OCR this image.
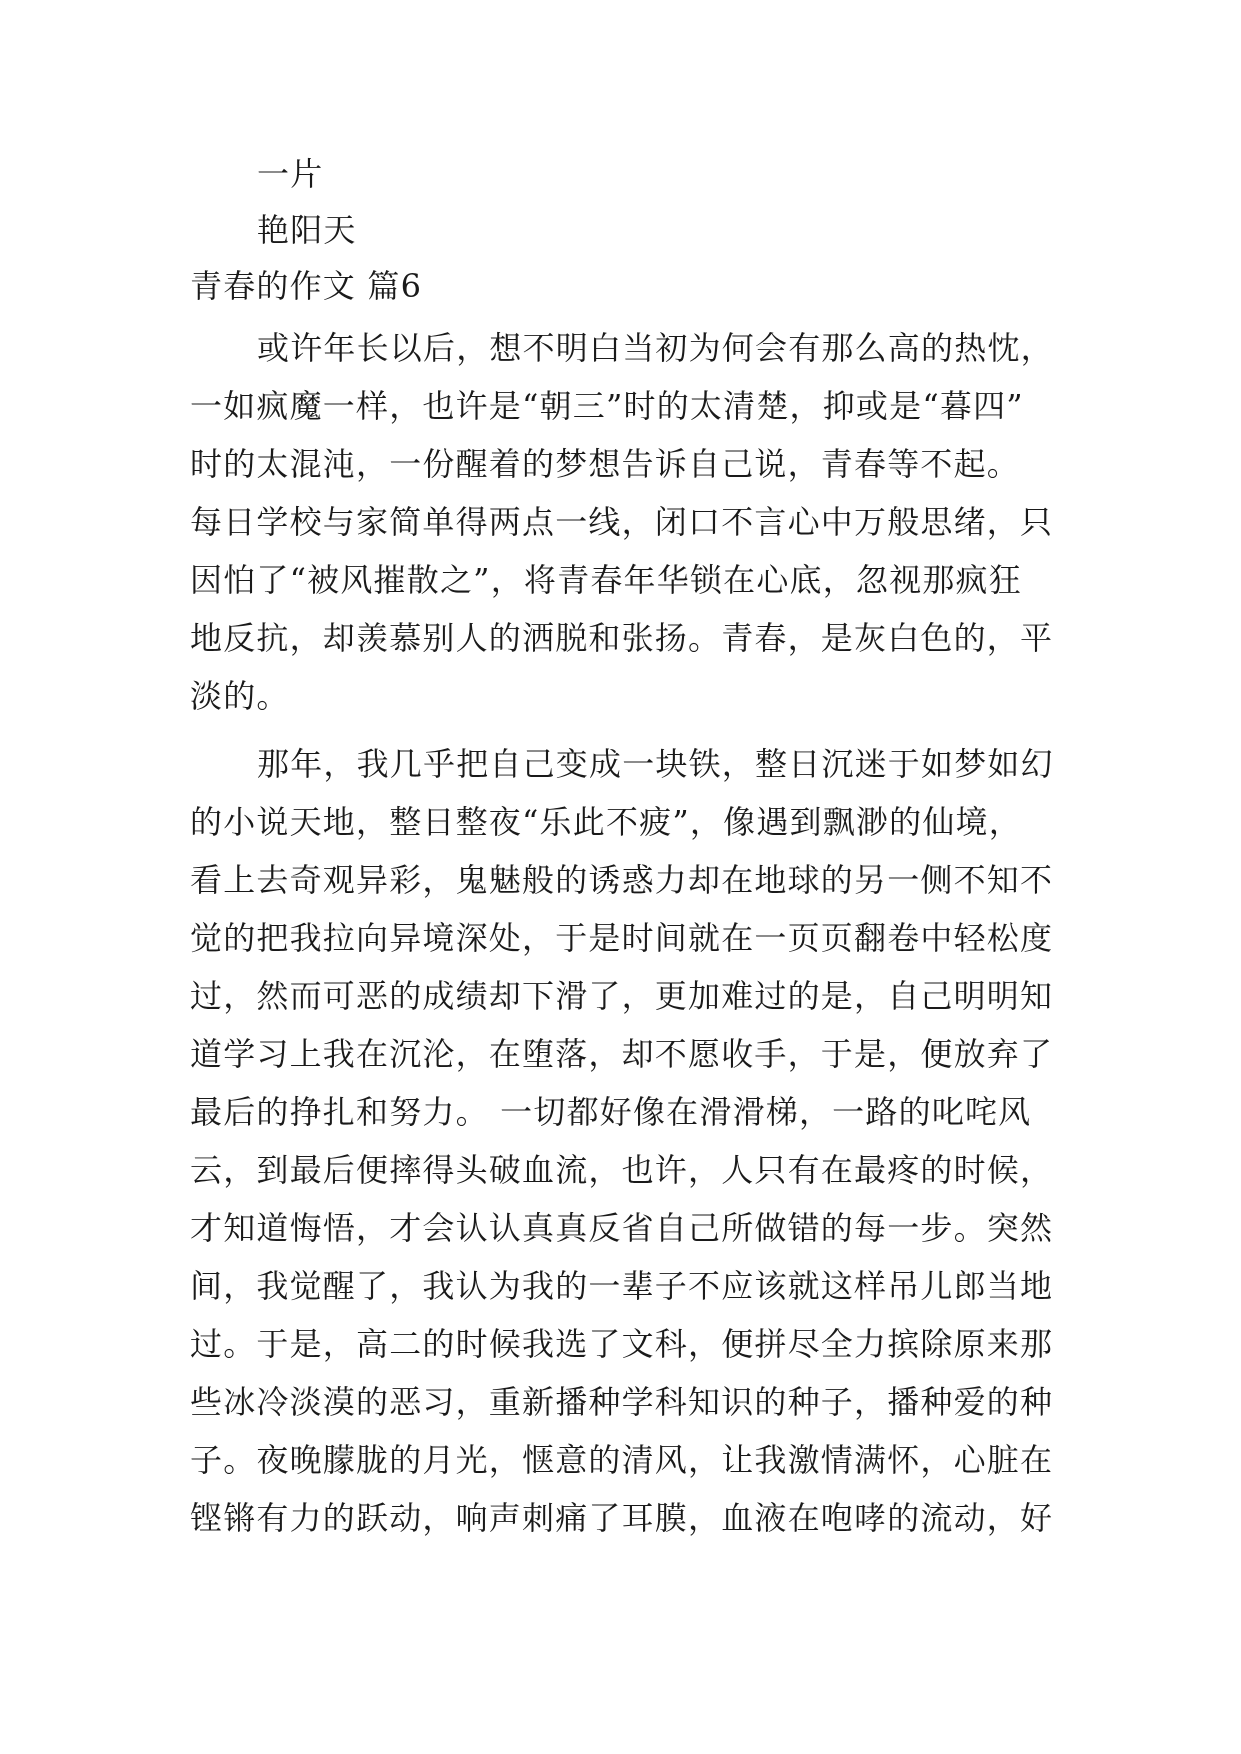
一片
艳阳天
青春的作文 篇6
或许年长以后，想不明白当初为何会有那么高的热忱，
一如疯魔一样，也许是“朝三”时的太清楚，抑或是“暮四”
时的太混沌，一份醒着的梦想告诉自己说，青春等不起。
每日学校与家简单得两点一线，闭口不言心中万般思绪，只
因怕了“被风摧散之”，将青春年华锁在心底，忽视那疯狂
地反抗，却羡慕别人的洒脱和张扬。青春，是灰白色的，平
淡的。
那年，我几乎把自己变成一块铁，整日沉迷于如梦如幻
的小说天地，整日整夜“乐此不疲”，像遇到飘渺的仙境，
看上去奇观异彩，鬼魅般的诱惑力却在地球的另一侧不知不
觉的把我拉向异境深处，于是时间就在一页页翻卷中轻松度
过，然而可恶的成绩却下滑了，更加难过的是，自己明明知
道学习上我在沉沦，在堕落，却不愿收手，于是，便放弃了
最后的挣扎和努力。 一切都好像在滑滑梯，一路的叱咤风
云，到最后便摔得头破血流，也许，人只有在最疼的时候，
才知道悔悟，才会认认真真反省自己所做错的每一步。突然
间，我觉醒了，我认为我的一辈子不应该就这样吊儿郎当地
过。于是，高二的时候我选了文科，便拼尽全力摈除原来那
些冰冷淡漠的恶习，重新播种学科知识的种子，播种爱的种
子。夜晚朦胧的月光，惬意的清风，让我激情满怀，心脏在
铿锵有力的跃动，响声刺痛了耳膜，血液在咆哮的流动，好
